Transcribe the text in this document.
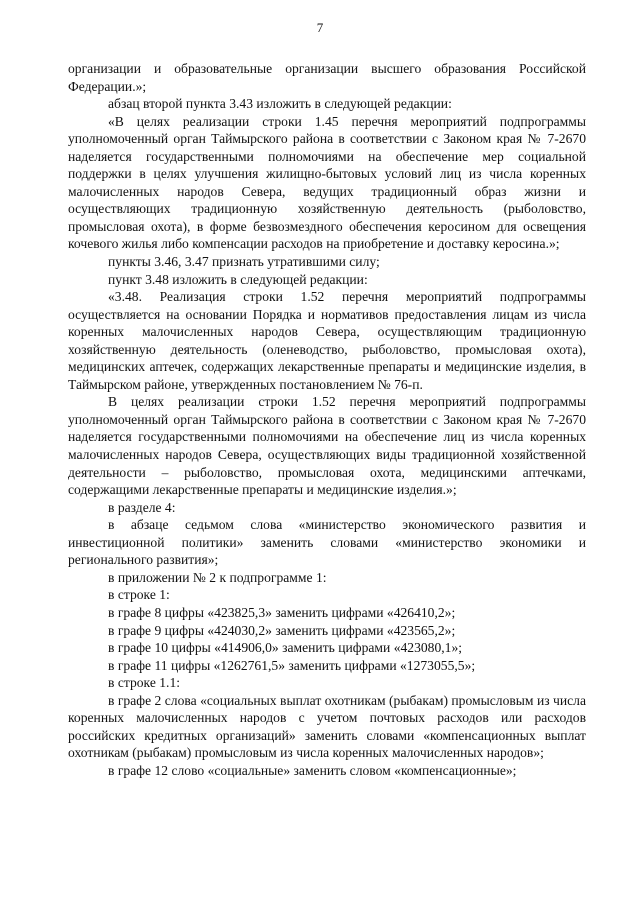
7

организации и образовательные организации высшего образования Российской Федерации.»;

абзац второй пункта 3.43 изложить в следующей редакции:

«В целях реализации строки 1.45 перечня мероприятий подпрограммы уполномоченный орган Таймырского района в соответствии с Законом края № 7-2670 наделяется государственными полномочиями на обеспечение мер социальной поддержки в целях улучшения жилищно-бытовых условий лиц из числа коренных малочисленных народов Севера, ведущих традиционный образ жизни и осуществляющих традиционную хозяйственную деятельность (рыболовство, промысловая охота), в форме безвозмездного обеспечения керосином для освещения кочевого жилья либо компенсации расходов на приобретение и доставку керосина.»;

пункты 3.46, 3.47 признать утратившими силу;

пункт 3.48 изложить в следующей редакции:

«3.48. Реализация строки 1.52 перечня мероприятий подпрограммы осуществляется на основании Порядка и нормативов предоставления лицам из числа коренных малочисленных народов Севера, осуществляющим традиционную хозяйственную деятельность (оленеводство, рыболовство, промысловая охота), медицинских аптечек, содержащих лекарственные препараты и медицинские изделия, в Таймырском районе, утвержденных постановлением № 76-п.

В целях реализации строки 1.52 перечня мероприятий подпрограммы уполномоченный орган Таймырского района в соответствии с Законом края № 7-2670 наделяется государственными полномочиями на обеспечение лиц из числа коренных малочисленных народов Севера, осуществляющих виды традиционной хозяйственной деятельности – рыболовство, промысловая охота, медицинскими аптечками, содержащими лекарственные препараты и медицинские изделия.»;

в разделе 4:

в абзаце седьмом слова «министерство экономического развития и инвестиционной политики» заменить словами «министерство экономики и регионального развития»;

в приложении № 2 к подпрограмме 1:

в строке 1:

в графе 8 цифры «423825,3» заменить цифрами «426410,2»;

в графе 9 цифры «424030,2» заменить цифрами «423565,2»;

в графе 10 цифры «414906,0» заменить цифрами «423080,1»;

в графе 11 цифры «1262761,5» заменить цифрами «1273055,5»;

в строке 1.1:

в графе 2 слова «социальных выплат охотникам (рыбакам) промысловым из числа коренных малочисленных народов с учетом почтовых расходов или расходов российских кредитных организаций» заменить словами «компенсационных выплат охотникам (рыбакам) промысловым из числа коренных малочисленных народов»;

в графе 12 слово «социальные» заменить словом «компенсационные»;
